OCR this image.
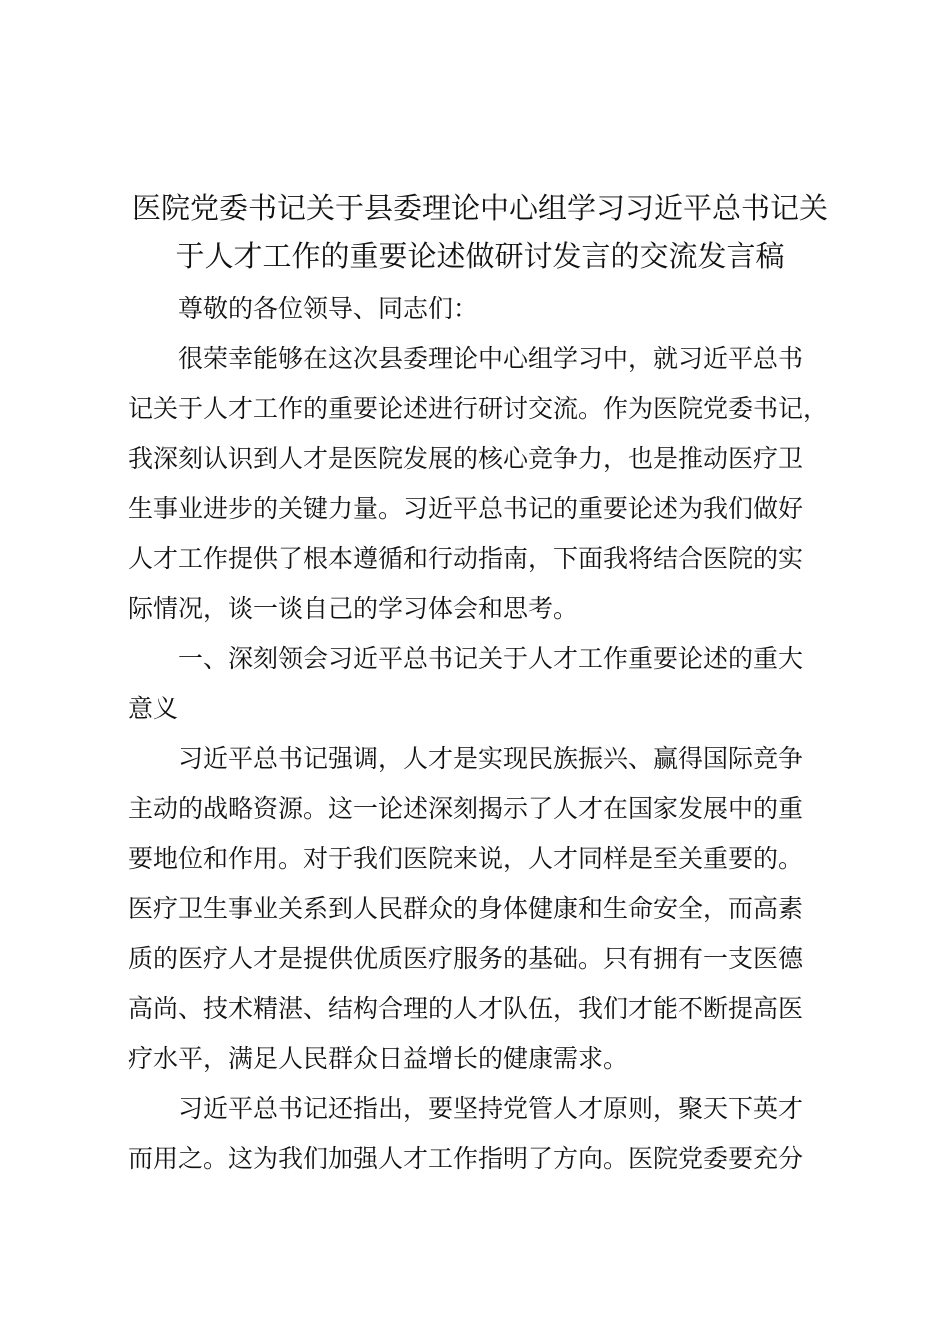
医院党委书记关于县委理论中心组学习习近平总书记关
于人才工作的重要论述做研讨发言的交流发言稿
尊敬的各位领导、同志们：
很荣幸能够在这次县委理论中心组学习中，就习近平总书
记关于人才工作的重要论述进行研讨交流。作为医院党委书记，
我深刻认识到人才是医院发展的核心竞争力，也是推动医疗卫
生事业进步的关键力量。习近平总书记的重要论述为我们做好
人才工作提供了根本遵循和行动指南，下面我将结合医院的实
际情况，谈一谈自己的学习体会和思考。
一、深刻领会习近平总书记关于人才工作重要论述的重大
意义
习近平总书记强调，人才是实现民族振兴、赢得国际竞争
主动的战略资源。这一论述深刻揭示了人才在国家发展中的重
要地位和作用。对于我们医院来说，人才同样是至关重要的。
医疗卫生事业关系到人民群众的身体健康和生命安全，而高素
质的医疗人才是提供优质医疗服务的基础。只有拥有一支医德
高尚、技术精湛、结构合理的人才队伍，我们才能不断提高医
疗水平，满足人民群众日益增长的健康需求。
习近平总书记还指出，要坚持党管人才原则，聚天下英才
而用之。这为我们加强人才工作指明了方向。医院党委要充分
